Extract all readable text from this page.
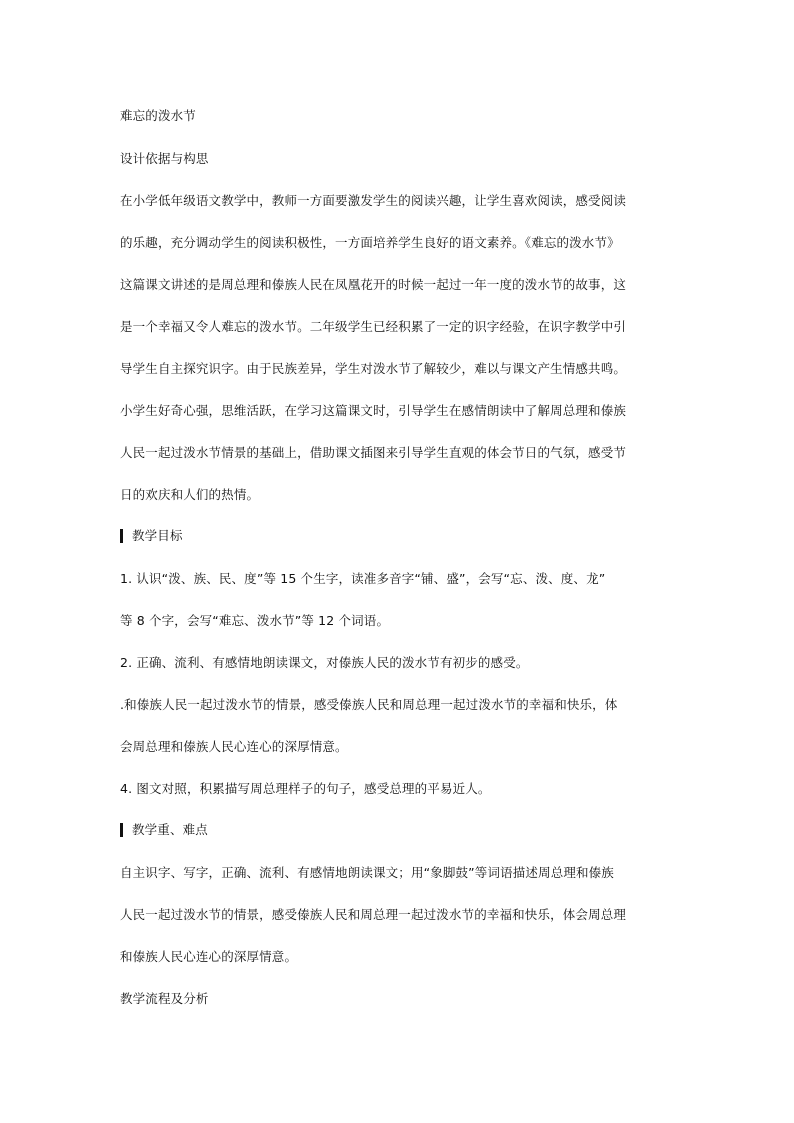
难忘的泼水节
设计依据与构思
在小学低年级语文教学中，教师一方面要激发学生的阅读兴趣，让学生喜欢阅读，感受阅读
的乐趣，充分调动学生的阅读积极性，一方面培养学生良好的语文素养。《难忘的泼水节》
这篇课文讲述的是周总理和傣族人民在凤凰花开的时候一起过一年一度的泼水节的故事，这
是一个幸福又令人难忘的泼水节。二年级学生已经积累了一定的识字经验，在识字教学中引
导学生自主探究识字。由于民族差异，学生对泼水节了解较少，难以与课文产生情感共鸣。
小学生好奇心强，思维活跃，在学习这篇课文时，引导学生在感情朗读中了解周总理和傣族
人民一起过泼水节情景的基础上，借助课文插图来引导学生直观的体会节日的气氛，感受节
日的欢庆和人们的热情。
教学目标
1. 认识“泼、族、民、度”等 15 个生字，读准多音字“铺、盛”，会写“忘、泼、度、龙”
等 8 个字，会写“难忘、泼水节”等 12 个词语。
2. 正确、流利、有感情地朗读课文，对傣族人民的泼水节有初步的感受。
.和傣族人民一起过泼水节的情景，感受傣族人民和周总理一起过泼水节的幸福和快乐，体
会周总理和傣族人民心连心的深厚情意。
4. 图文对照，积累描写周总理样子的句子，感受总理的平易近人。
教学重、难点
自主识字、写字，正确、流利、有感情地朗读课文；用“象脚鼓”等词语描述周总理和傣族
人民一起过泼水节的情景，感受傣族人民和周总理一起过泼水节的幸福和快乐，体会周总理
和傣族人民心连心的深厚情意。
教学流程及分析
